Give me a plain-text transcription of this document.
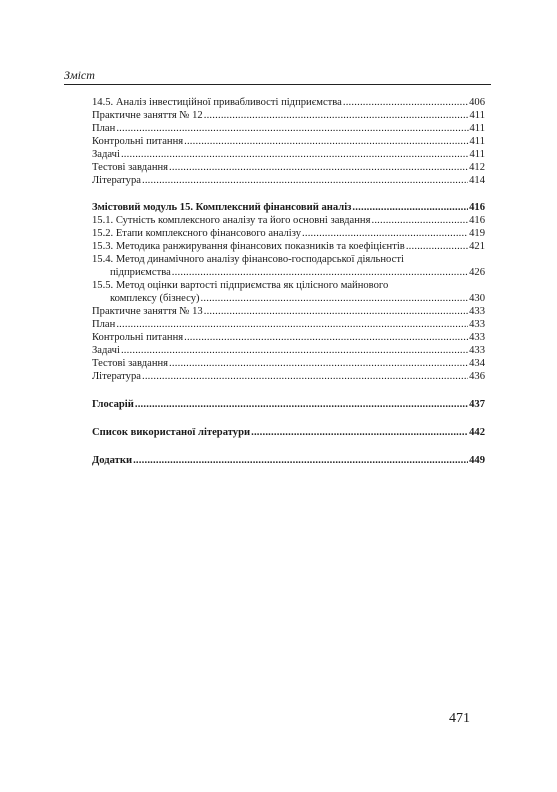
Зміст
14.5. Аналіз інвестиційної привабливості підприємства .....	406
Практичне заняття № 12 .....	411
План .....	411
Контрольні питання .....	411
Задачі .....	411
Тестові завдання .....	412
Література .....	414
Змістовий модуль 15. Комплексний фінансовий аналіз .....	416
15.1. Сутність комплексного аналізу та його основні завдання .....	416
15.2. Етапи комплексного фінансового аналізу .....	419
15.3. Методика ранжирування фінансових показників та коефіцієнтів .....	421
15.4. Метод динамічного аналізу фінансово-господарської діяльності
підприємства .....	426
15.5. Метод оцінки вартості підприємства як цілісного майнового
комплексу (бізнесу) .....	430
Практичне заняття № 13 .....	433
План .....	433
Контрольні питання .....	433
Задачі .....	433
Тестові завдання .....	434
Література .....	436
Глосарій .....	437
Список використаної літератури .....	442
Додатки .....	449
471
